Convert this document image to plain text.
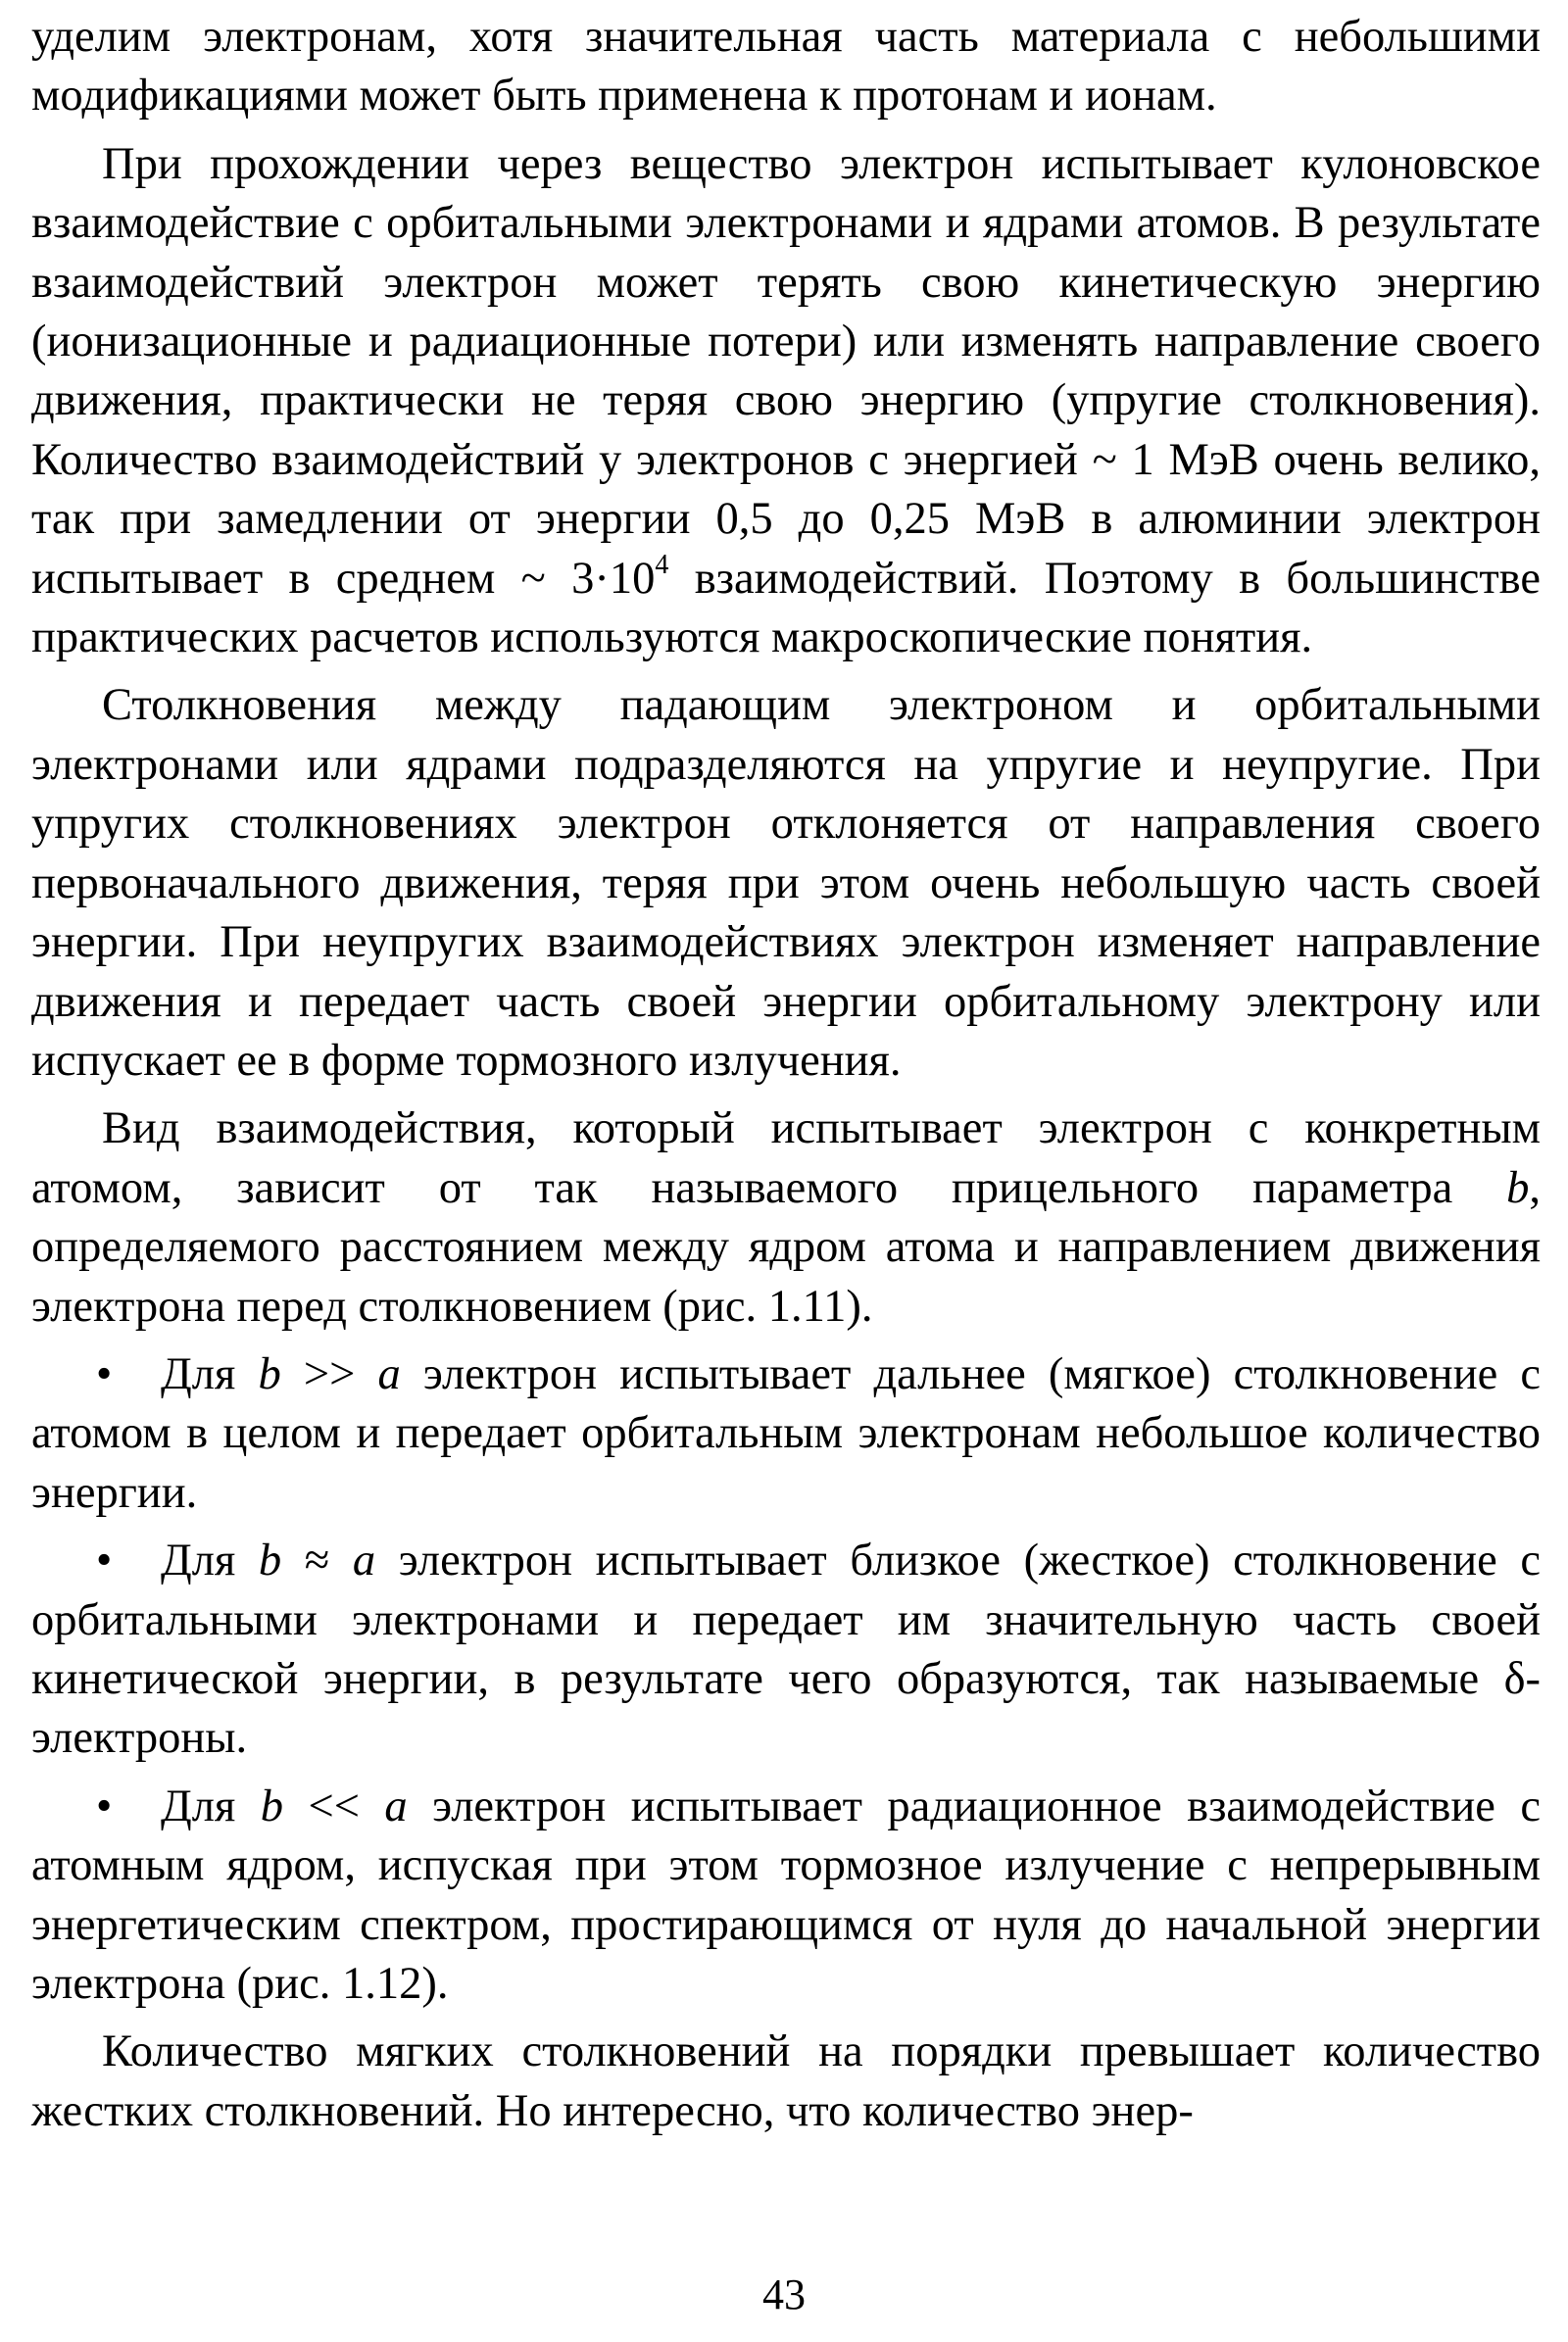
уделим электронам, хотя значительная часть материала с небольшими модификациями может быть применена к протонам и ионам.

При прохождении через вещество электрон испытывает кулоновское взаимодействие с орбитальными электронами и ядрами атомов. В результате взаимодействий электрон может терять свою кинетическую энергию (ионизационные и радиационные потери) или изменять направление своего движения, практически не теряя свою энергию (упругие столкновения). Количество взаимодействий у электронов с энергией ~ 1 МэВ очень велико, так при замедлении от энергии 0,5 до 0,25 МэВ в алюминии электрон испытывает в среднем ~ $3\cdot 10^4$ взаимодействий. Поэтому в большинстве практических расчетов используются макроскопические понятия.

Столкновения между падающим электроном и орбитальными электронами или ядрами подразделяются на упругие и неупругие. При упругих столкновениях электрон отклоняется от направления своего первоначального движения, теряя при этом очень небольшую часть своей энергии. При неупругих взаимодействиях электрон изменяет направление движения и передает часть своей энергии орбитальному электрону или испускает ее в форме тормозного излучения.

Вид взаимодействия, который испытывает электрон с конкретным атомом, зависит от так называемого прицельного параметра b, определяемого расстоянием между ядром атома и направлением движения электрона перед столкновением (рис. 1.11).

• Для b >> a электрон испытывает дальнее (мягкое) столкновение с атомом в целом и передает орбитальным электронам небольшое количество энергии.

• Для b ≈ a электрон испытывает близкое (жесткое) столкновение с орбитальными электронами и передает им значительную часть своей кинетической энергии, в результате чего образуются, так называемые δ-электроны.

• Для b << a электрон испытывает радиационное взаимодействие с атомным ядром, испуская при этом тормозное излучение с непрерывным энергетическим спектром, простирающимся от нуля до начальной энергии электрона (рис. 1.12).

Количество мягких столкновений на порядки превышает количество жестких столкновений. Но интересно, что количество энер-

43
